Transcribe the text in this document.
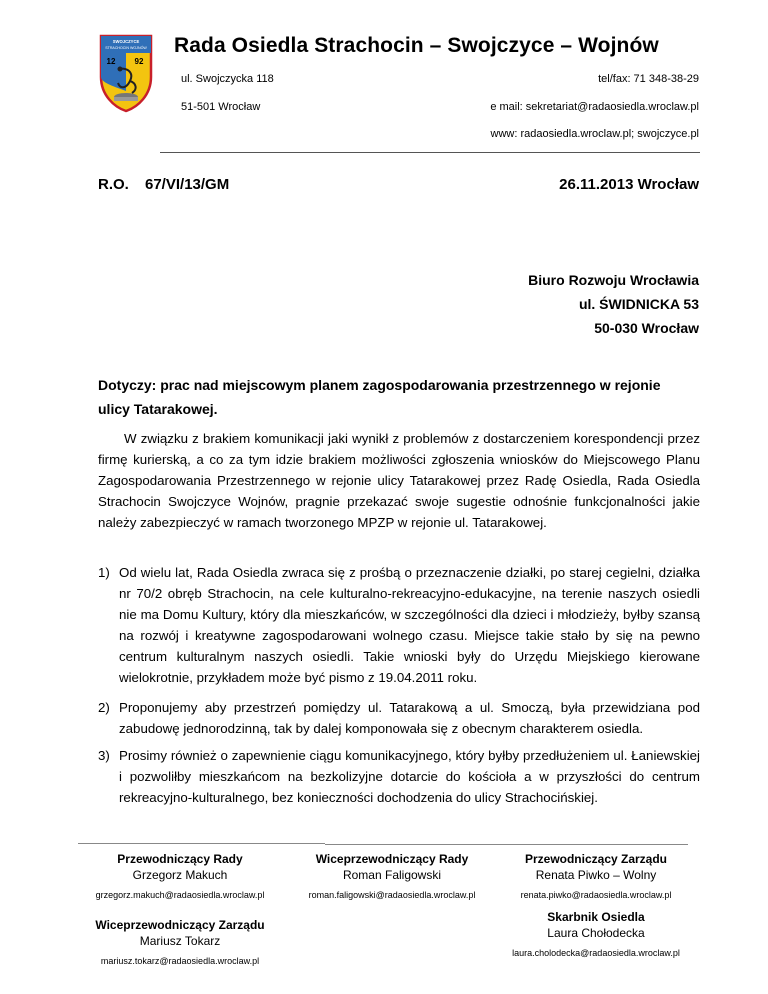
SWOJCZYCE
STRACHOCIN WOJNÓW
12 92
Rada Osiedla Strachocin – Swojczyce – Wojnów
ul. Swojczycka 118	tel/fax: 71 348-38-29
51-501 Wrocław	e mail: sekretariat@radaosiedla.wroclaw.pl
www: radaosiedla.wroclaw.pl; swojczyce.pl
R.O. 67/VI/13/GM	26.11.2013 Wrocław
Biuro Rozwoju Wrocławia
ul. ŚWIDNICKA 53
50-030 Wrocław
Dotyczy: prac nad miejscowym planem zagospodarowania przestrzennego w rejonie ulicy Tatarakowej.
W związku z brakiem komunikacji jaki wynikł z problemów z dostarczeniem korespondencji przez firmę kurierską, a co za tym idzie brakiem możliwości zgłoszenia wniosków do Miejscowego Planu Zagospodarowania Przestrzennego w rejonie ulicy Tatarakowej przez Radę Osiedla, Rada Osiedla Strachocin Swojczyce Wojnów, pragnie przekazać swoje sugestie odnośnie funkcjonalności jakie należy zabezpieczyć w ramach tworzonego MPZP w rejonie ul. Tatarakowej.
1) Od wielu lat, Rada Osiedla zwraca się z prośbą o przeznaczenie działki, po starej cegielni, działka nr 70/2 obręb Strachocin, na cele kulturalno-rekreacyjno-edukacyjne, na terenie naszych osiedli nie ma Domu Kultury, który dla mieszkańców, w szczególności dla dzieci i młodzieży, byłby szansą na rozwój i kreatywne zagospodarowani wolnego czasu. Miejsce takie stało by się na pewno centrum kulturalnym naszych osiedli. Takie wnioski były do Urzędu Miejskiego kierowane wielokrotnie, przykładem może być pismo z 19.04.2011 roku.
2) Proponujemy aby przestrzeń pomiędzy ul. Tatarakową a ul. Smoczą, była przewidziana pod zabudowę jednorodzinną, tak by dalej komponowała się z obecnym charakterem osiedla.
3) Prosimy również o zapewnienie ciągu komunikacyjnego, który byłby przedłużeniem ul. Łaniewskiej i pozwoliłby mieszkańcom na bezkolizyjne dotarcie do kościoła a w przyszłości do centrum rekreacyjno-kulturalnego, bez konieczności dochodzenia do ulicy Strachocińskiej.
Przewodniczący Rady
Grzegorz Makuch
grzegorz.makuch@radaosiedla.wroclaw.pl
Wiceprzewodniczący Rady
Roman Faligowski
roman.faligowski@radaosiedla.wroclaw.pl
Przewodniczący Zarządu
Renata Piwko – Wolny
renata.piwko@radaosiedla.wroclaw.pl
Wiceprzewodniczący Zarządu
Mariusz Tokarz
mariusz.tokarz@radaosiedla.wroclaw.pl
Skarbnik Osiedla
Laura Chołodecka
laura.cholodecka@radaosiedla.wroclaw.pl
